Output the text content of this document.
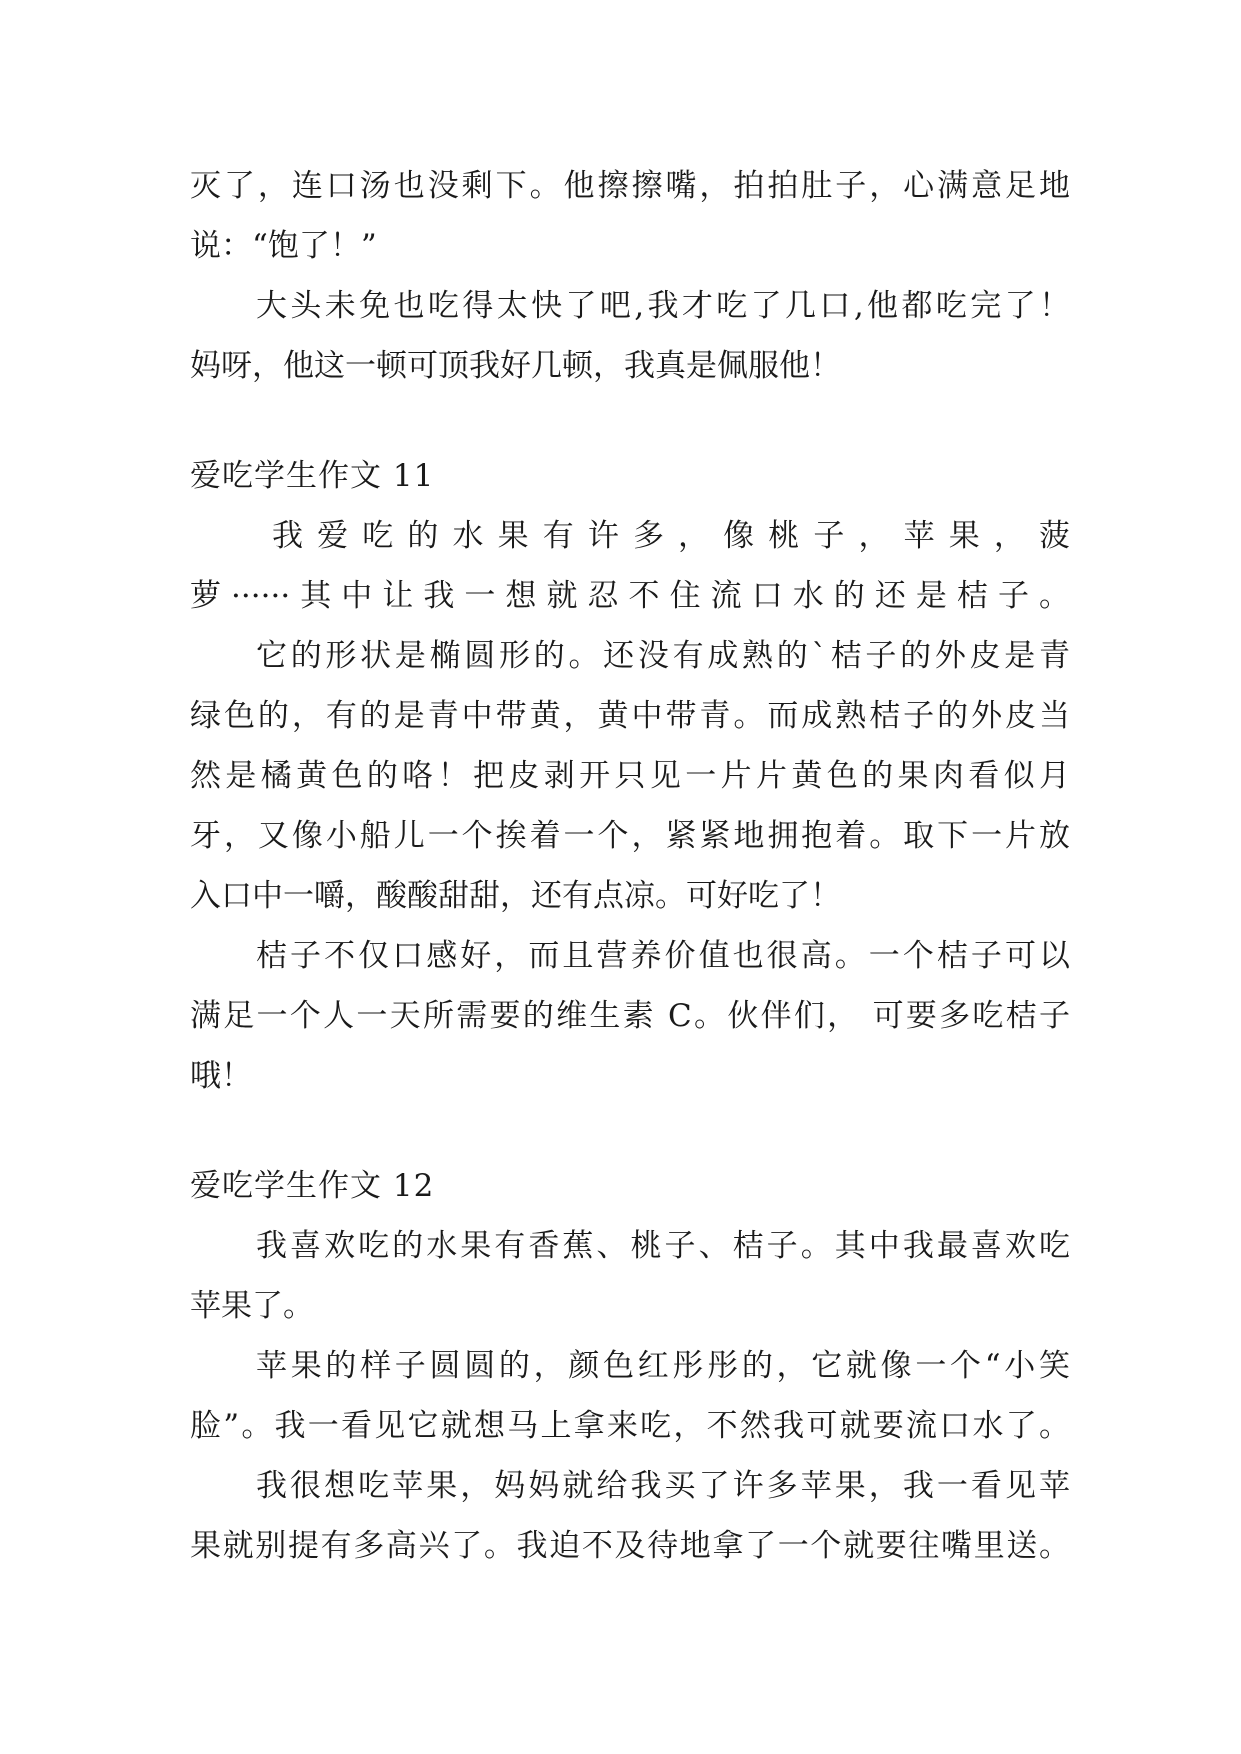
灭了，连口汤也没剩下。他擦擦嘴，拍拍肚子，心满意足地
说：“饱了！”
大头未免也吃得太快了吧,我才吃了几口,他都吃完了！
妈呀，他这一顿可顶我好几顿，我真是佩服他！
爱吃学生作文 11
我爱吃的水果有许多，像桃子，苹果，菠
萝······其中让我一想就忍不住流口水的还是桔子。
它的形状是椭圆形的。还没有成熟的`桔子的外皮是青
绿色的，有的是青中带黄，黄中带青。而成熟桔子的外皮当
然是橘黄色的咯！把皮剥开只见一片片黄色的果肉看似月
牙，又像小船儿一个挨着一个，紧紧地拥抱着。取下一片放
入口中一嚼，酸酸甜甜，还有点凉。可好吃了！
桔子不仅口感好，而且营养价值也很高。一个桔子可以
满足一个人一天所需要的维生素 C。伙伴们， 可要多吃桔子
哦！
爱吃学生作文 12
我喜欢吃的水果有香蕉、桃子、桔子。其中我最喜欢吃
苹果了。
苹果的样子圆圆的，颜色红彤彤的，它就像一个“小笑
脸”。我一看见它就想马上拿来吃，不然我可就要流口水了。
我很想吃苹果，妈妈就给我买了许多苹果，我一看见苹
果就别提有多高兴了。我迫不及待地拿了一个就要往嘴里送。
